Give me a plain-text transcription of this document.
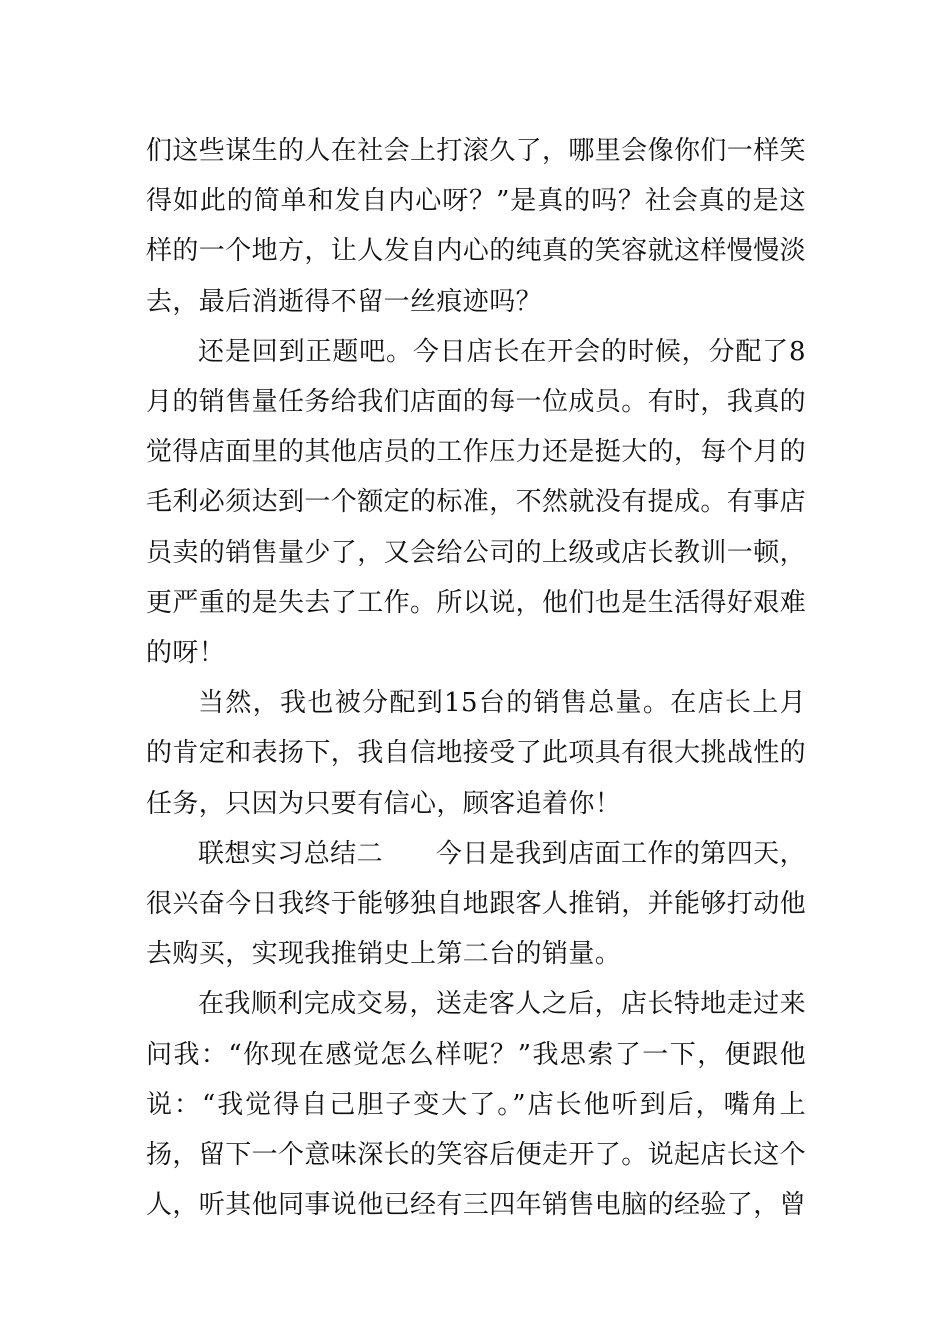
们这些谋生的人在社会上打滚久了，哪里会像你们一样笑得如此的简单和发自内心呀？”是真的吗？社会真的是这样的一个地方，让人发自内心的纯真的笑容就这样慢慢淡去，最后消逝得不留一丝痕迹吗？

还是回到正题吧。今日店长在开会的时候，分配了8月的销售量任务给我们店面的每一位成员。有时，我真的觉得店面里的其他店员的工作压力还是挺大的，每个月的毛利必须达到一个额定的标准，不然就没有提成。有事店员卖的销售量少了，又会给公司的上级或店长教训一顿，更严重的是失去了工作。所以说，他们也是生活得好艰难的呀！

当然，我也被分配到15台的销售总量。在店长上月的肯定和表扬下，我自信地接受了此项具有很大挑战性的任务，只因为只要有信心，顾客追着你！

联想实习总结二　　今日是我到店面工作的第四天，很兴奋今日我终于能够独自地跟客人推销，并能够打动他去购买，实现我推销史上第二台的销量。

在我顺利完成交易，送走客人之后，店长特地走过来问我：“你现在感觉怎么样呢？”我思索了一下，便跟他说：“我觉得自己胆子变大了。”店长他听到后，嘴角上扬，留下一个意味深长的笑容后便走开了。说起店长这个人，听其他同事说他已经有三四年销售电脑的经验了，曾
